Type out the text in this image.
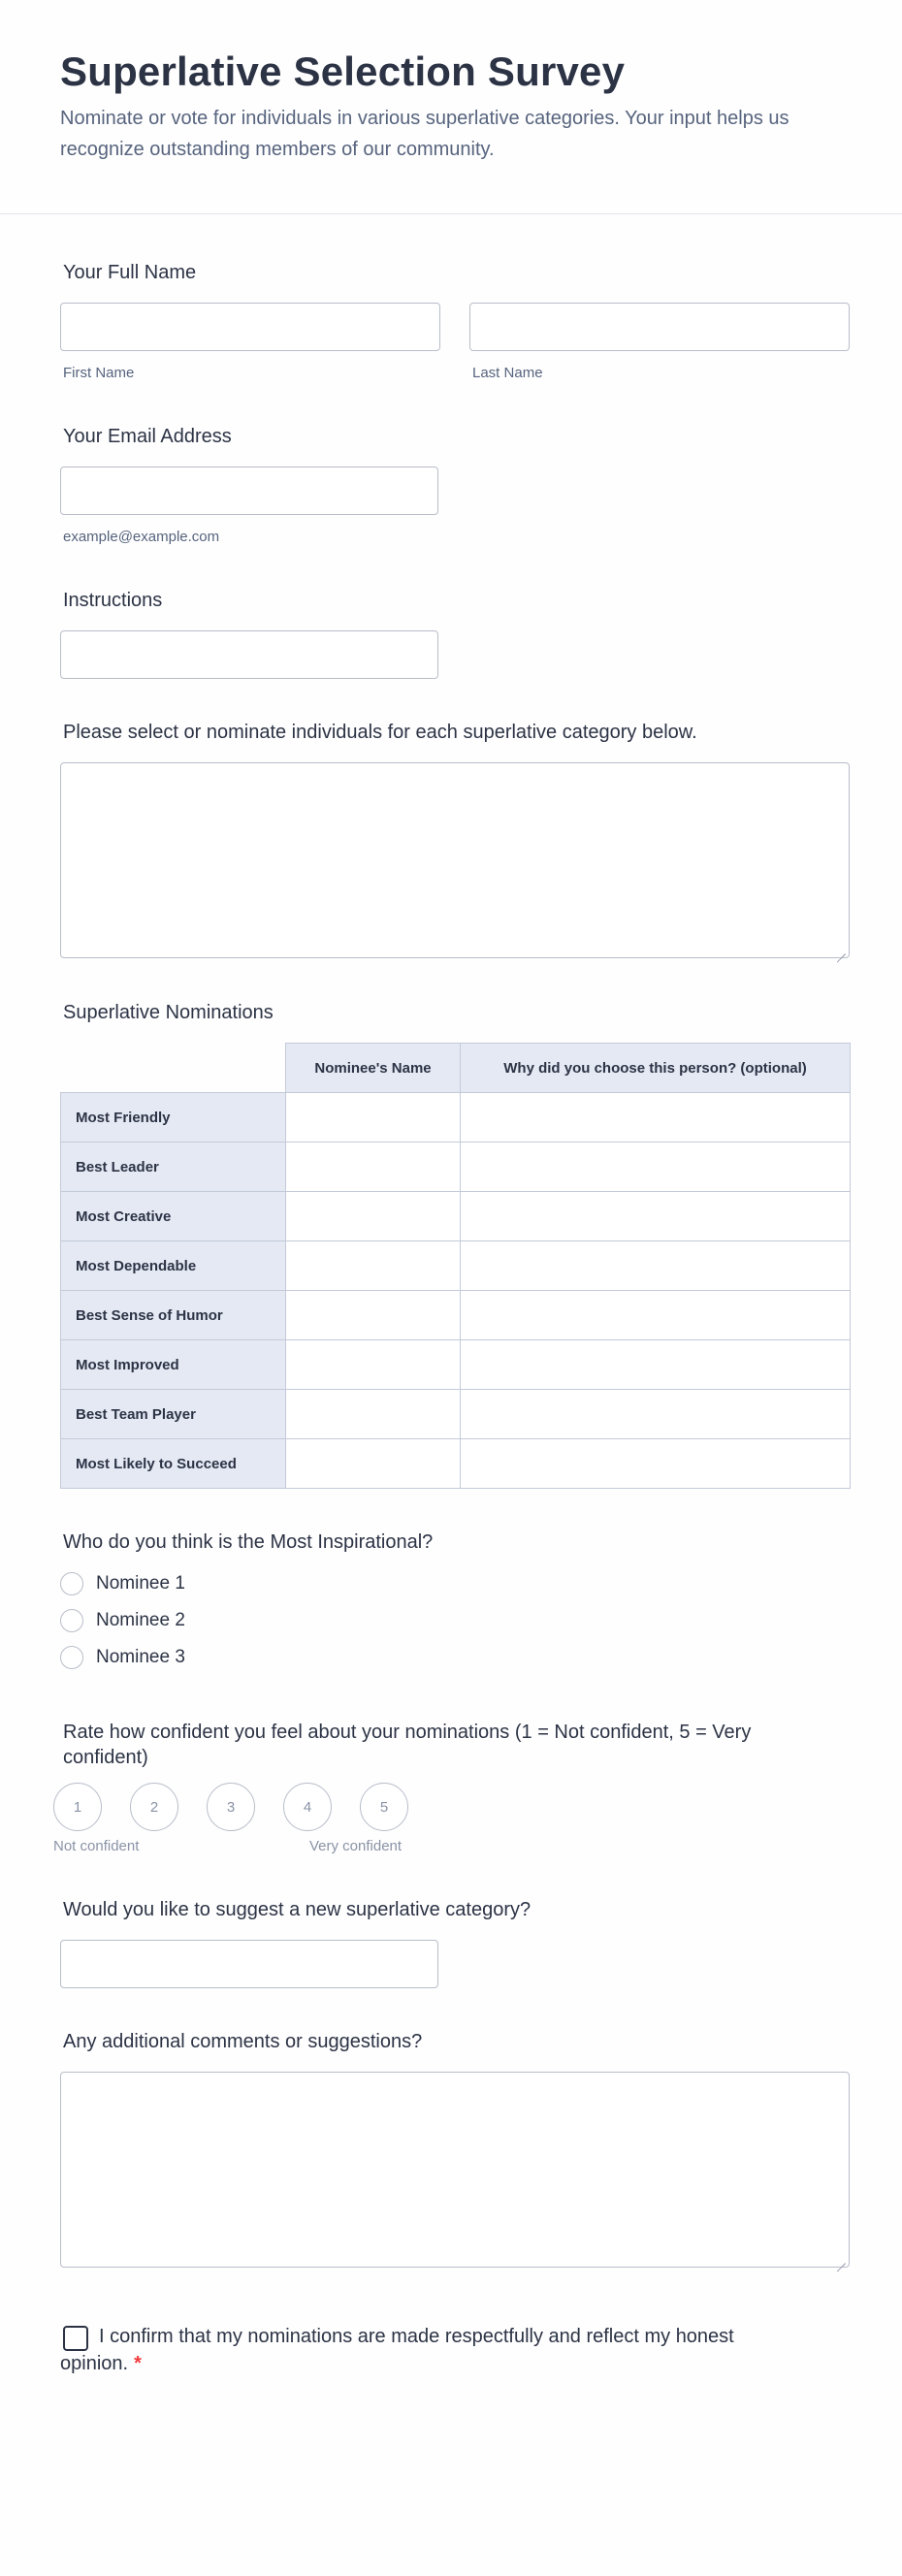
Superlative Selection Survey

Nominate or vote for individuals in various superlative categories. Your input helps us recognize outstanding members of our community.

Your Full Name
First Name	Last Name
Your Email Address
example@example.com
Instructions
Please select or nominate individuals for each superlative category below.
Superlative Nominations
	Nominee's Name	Why did you choose this person? (optional)
Most Friendly		
Best Leader		
Most Creative		
Most Dependable		
Best Sense of Humor		
Most Improved		
Best Team Player		
Most Likely to Succeed		
Who do you think is the Most Inspirational?
Nominee 1
Nominee 2
Nominee 3
Rate how confident you feel about your nominations (1 = Not confident, 5 = Very confident)
1	2	3	4	5
Not confident	Very confident
Would you like to suggest a new superlative category?
Any additional comments or suggestions?
I confirm that my nominations are made respectfully and reflect my honest opinion. *
